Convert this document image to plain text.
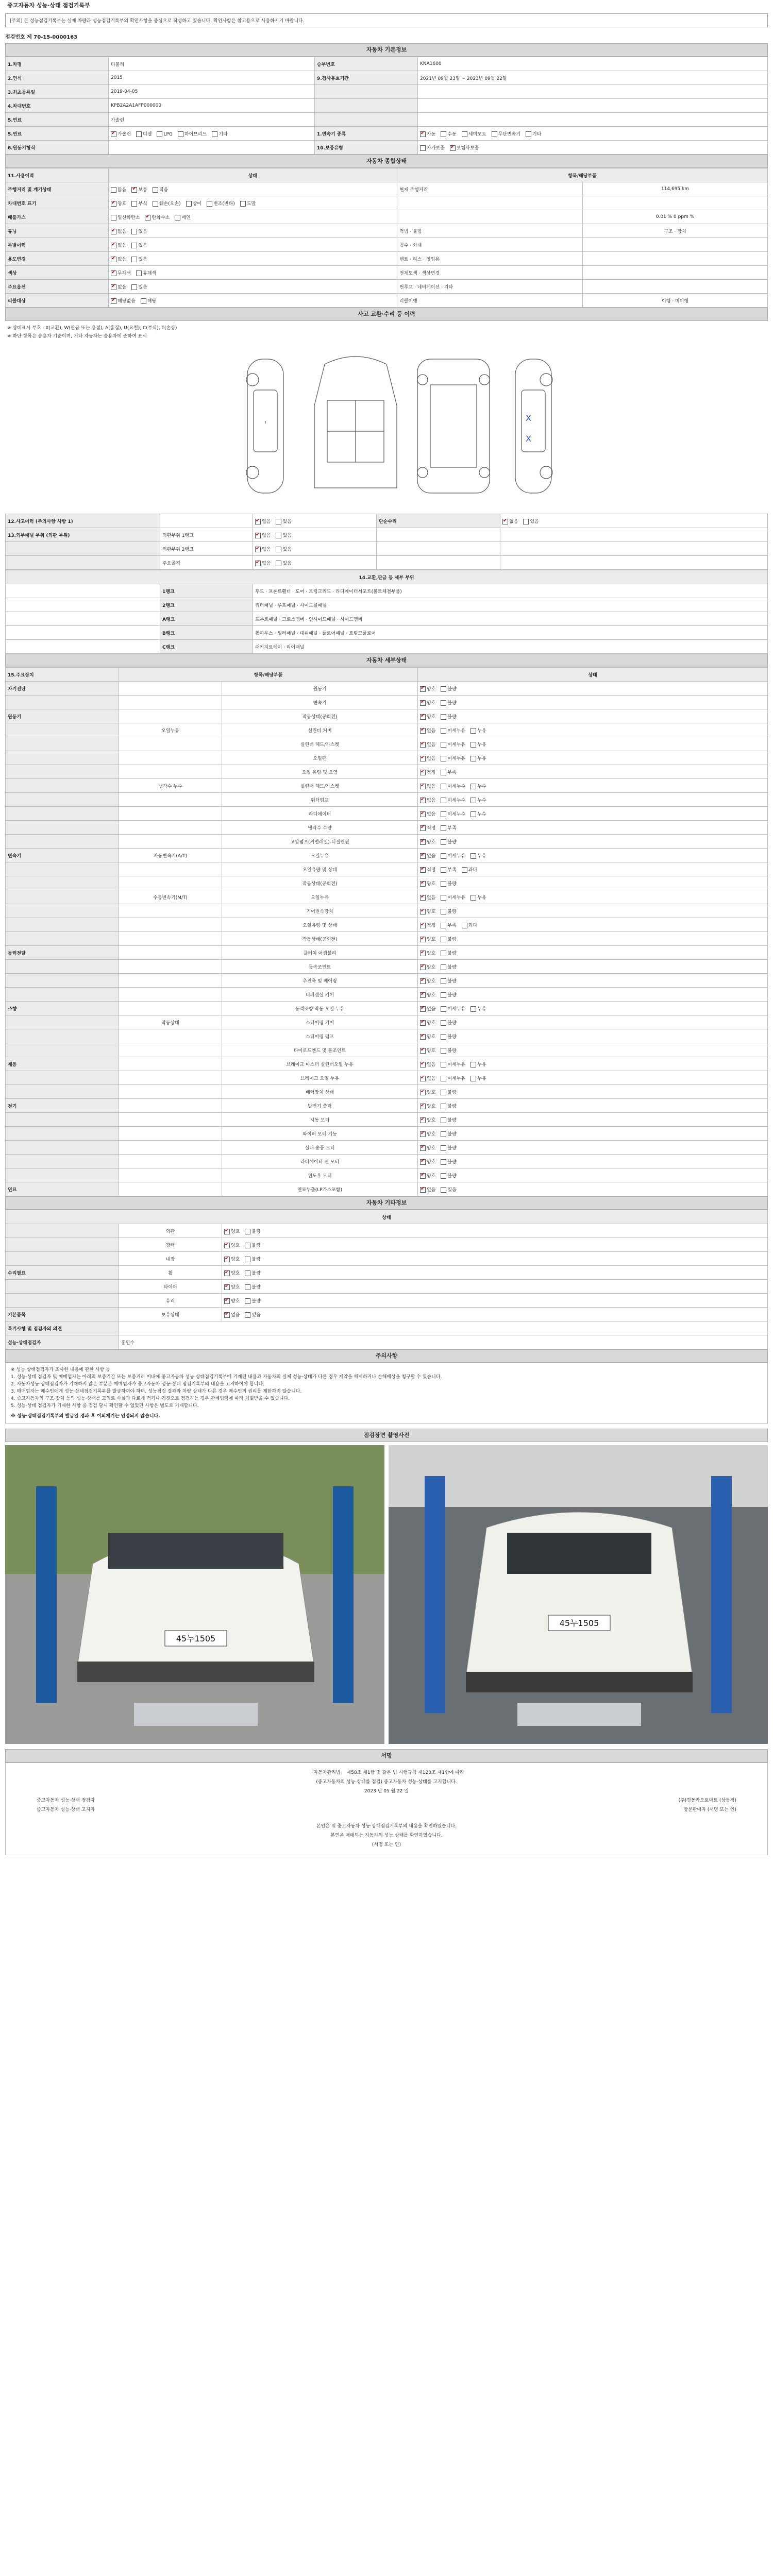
중고자동차 성능·상태 점검기록부
[주의] 본 성능점검기록부는 실제 차량과 성능점검기록부의 확인사항을 중심으로 작성하고 있습니다. 확인사항은 참고용으로 사용하시기 바랍니다.
점검번호 제 70-15-0000163
자동차 기본정보
1.차명	티볼리	승부번호	KNA1600
2.연식	2015	9.검사유효기간	2021년 09월 23일 ~ 2023년 09월 22일
3.최초등록일	2019-04-05		
4.차대번호	KPB2A2A1AFP000000		
5.연료	가솔린		
5.연료	✔가솔린 디젤 LPG 하이브리드 기타	1.변속기 종류	✔자동 수동 세미오토 무단변속기 기타
6.원동기형식		10.보증유형	자가보증 ✔ 보험사보증
자동차 종합상태
11.사용이력	상태	항목/해당부품	
주행거리 및 계기상태	많음 ✔ 보통 적음	현재 주행거리	114,695 km
차대번호 표기	✔양호 부식 훼손(오손) 상이 변조(변타) 도말		
배출가스	일산화탄소 ✔ 탄화수소 매연		0.01 % 0 ppm %
튜닝	✔없음 있음	적법 · 불법	구조 · 장치
특별이력	✔없음 있음	침수 · 화재	
용도변경	✔없음 있음	렌트 · 리스 · 영업용	
색상	✔무채색 유채색	전체도색 · 색상변경	
주요옵션	✔없음 있음	썬루프 · 네비게이션 · 기타	
리콜대상	✔해당없음 해당	리콜이행	이행 · 미이행
사고 교환·수리 등 이력
※ 상태표시 부호 : X(교환), W(판금 또는 용접), A(흠집), U(요철), C(부식), T(손상)
※ 하단 항목은 승용차 기준이며, 기타 자동차는 승용차에 준하여 표시
X
X
12.사고이력 (주의사항 사항 1)		✔없음 있음	단순수리	✔없음 있음
13.외부패널 부위 (외판 부위)	외판부위 1랭크	✔없음 있음		
	외판부위 2랭크	✔없음 있음		
	주요골격	✔없음 있음		
14.교환,판금 등 세부 부위		
	1랭크	후드 · 프론트휀더 · 도어 · 트렁크리드 · 라디에이터서포트(볼트체결부품)
	2랭크	쿼터패널 · 루프패널 · 사이드실패널
	A랭크	프론트패널 · 크로스멤버 · 인사이드패널 · 사이드멤버
	B랭크	휠하우스 · 필러패널 · 대쉬패널 · 플로어패널 · 트렁크플로어
	C랭크	패키지트레이 · 리어패널
자동차 세부상태
15.주요장치	항목/해당부품		상태
자기진단		원동기	✔양호 불량
		변속기	✔양호 불량
원동기		작동상태(공회전)	✔양호 불량
	오일누유	실린더 커버	✔없음 미세누유 누유
		실린더 헤드/가스켓	✔없음 미세누유 누유
		오일팬	✔없음 미세누유 누유
		오일 유량 및 오염	✔적정 부족
	냉각수 누수	실린더 헤드/가스켓	✔없음 미세누수 누수
		워터펌프	✔없음 미세누수 누수
		라디에이터	✔없음 미세누수 누수
		냉각수 수량	✔적정 부족
		고압펌프(커먼레일)-디젤엔진	✔양호 불량
변속기	자동변속기(A/T)	오일누유	✔없음 미세누유 누유
		오일유량 및 상태	✔적정 부족 과다
		작동상태(공회전)	✔양호 불량
	수동변속기(M/T)	오일누유	✔없음 미세누유 누유
		기어변속장치	✔양호 불량
		오일유량 및 상태	✔적정 부족 과다
		작동상태(공회전)	✔양호 불량
동력전달		클러치 어셈블리	✔양호 불량
		등속조인트	✔양호 불량
		추진축 및 베어링	✔양호 불량
		디퍼렌셜 기어	✔양호 불량
조향		동력조향 작동 오일 누유	✔없음 미세누유 누유
	작동상태	스티어링 기어	✔양호 불량
		스티어링 펌프	✔양호 불량
		타이로드엔드 및 볼조인트	✔양호 불량
제동		브레이크 마스터 실린더오일 누유	✔없음 미세누유 누유
		브레이크 오일 누유	✔없음 미세누유 누유
		배력장치 상태	✔양호 불량
전기		발전기 출력	✔양호 불량
		시동 모터	✔양호 불량
		와이퍼 모터 기능	✔양호 불량
		실내 송풍 모터	✔양호 불량
		라디에이터 팬 모터	✔양호 불량
		윈도우 모터	✔양호 불량
연료		연료누출(LP가스포함)	✔없음 있음
자동차 기타정보
상태		
	외관	✔양호 불량
	광택	✔양호 불량
	내장	✔양호 불량
수리필요	휠	✔양호 불량
	타이어	✔양호 불량
	유리	✔양호 불량
기본품목	보유상태	✔없음 있음
특기사항 및 점검자의 의견		
성능·상태점검자	홍인수	
주의사항
※ 성능·상태점검자가 조사한 내용에 관한 사항 등
1. 성능·상태 점검자 및 매매업자는 아래의 보증기간 또는 보증거리 이내에 중고자동차 성능·상태점검기록부에 기재된 내용과 자동차의 실제 성능·상태가 다른 경우 계약을 해제하거나 손해배상을 청구할 수 있습니다.
2. 자동차성능·상태점검자가 기재하지 않은 부분은 매매업자가 중고자동차 성능·상태 점검기록부의 내용을 고지하여야 합니다.
3. 매매업자는 매수인에게 성능·상태점검기록부를 발급하여야 하며, 성능점검 결과와 차량 상태가 다른 경우 매수인의 권리를 제한하지 않습니다.
4. 중고자동차의 구조·장치 등의 성능·상태를 고의로 사실과 다르게 적거나 거짓으로 점검하는 경우 관계법령에 따라 처벌받을 수 있습니다.
5. 성능·상태 점검자가 기재한 사항 중 점검 당시 확인할 수 없었던 사항은 별도로 기재합니다.
※ 성능·상태점검기록부의 발급일 경과 후 이의제기는 인정되지 않습니다.
점검장면 촬영사진
45누1505
45누1505
서명
「자동차관리법」 제58조 제1항 및 같은 법 시행규칙 제120조 제1항에 따라
(중고자동차의 성능·상태를 점검) 중고자동차 성능·상태를 고지합니다.
2023 년 05 월 22 일
중고자동차 성능·상태 점검자	(주)경동카오토마트 (상동점)
중고자동차 성능·상태 고지자	방문판매자 (서명 또는 인)
본인은 위 중고자동차 성능·상태점검기록부의 내용을 확인하였습니다.
본인은 매매되는 자동차의 성능·상태를 확인하였습니다.
(서명 또는 인)
